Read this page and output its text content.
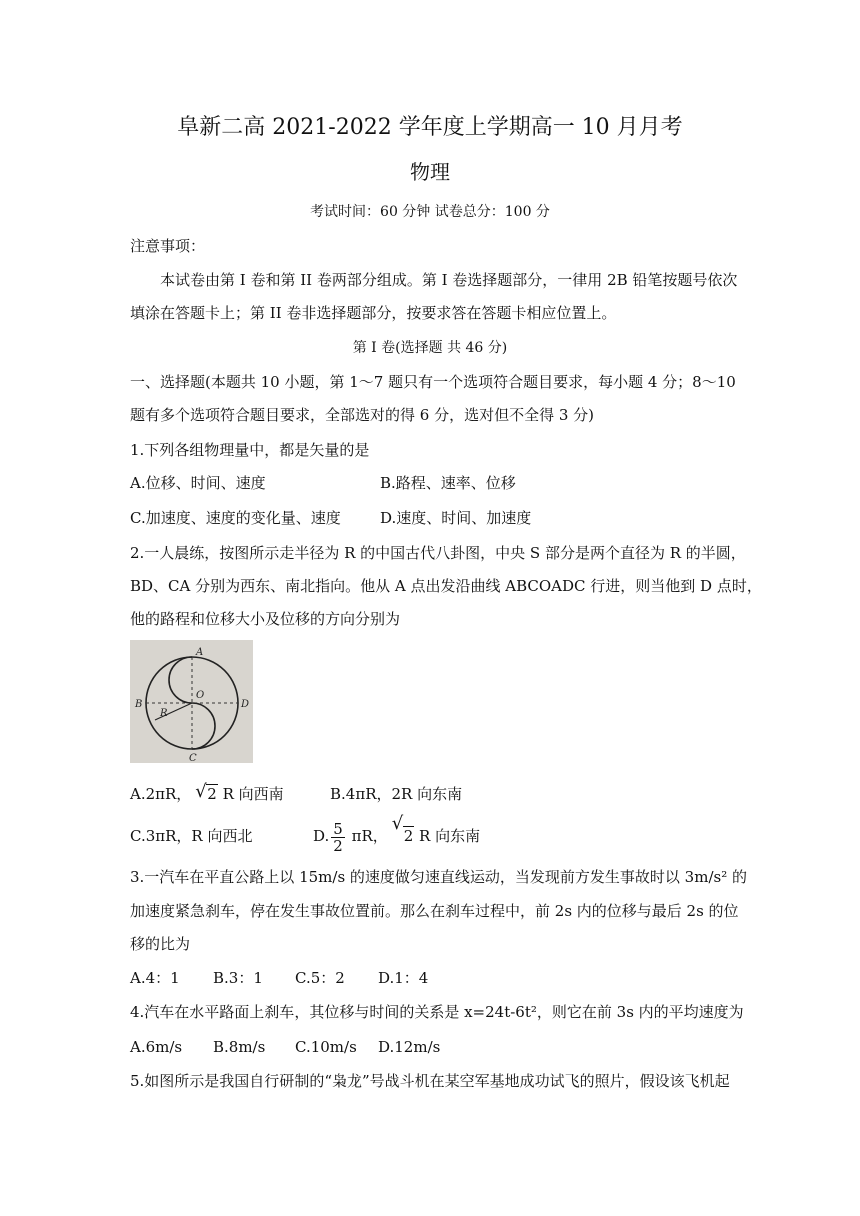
阜新二高 2021-2022 学年度上学期高一 10 月月考
物理
考试时间：60 分钟 试卷总分：100 分
注意事项：
本试卷由第 I 卷和第 II 卷两部分组成。第 I 卷选择题部分，一律用 2B 铅笔按题号依次
填涂在答题卡上；第 II 卷非选择题部分，按要求答在答题卡相应位置上。
第 I 卷(选择题 共 46 分)
一、选择题(本题共 10 小题，第 1～7 题只有一个选项符合题目要求，每小题 4 分；8～10
题有多个选项符合题目要求，全部选对的得 6 分，选对但不全得 3 分)
1.下列各组物理量中，都是矢量的是
A.位移、时间、速度	B.路程、速率、位移
C.加速度、速度的变化量、速度	D.速度、时间、加速度
2.一人晨练，按图所示走半径为 R 的中国古代八卦图，中央 S 部分是两个直径为 R 的半圆，
BD、CA 分别为西东、南北指向。他从 A 点出发沿曲线 ABCOADC 行进，则当他到 D 点时，
他的路程和位移大小及位移的方向分别为
A
B
C
D
O
R
A.2πR， √ 2 R 向西南	B.4πR，2R 向东南
C.3πR，R 向西北	D. $\frac{5}{2}$ πR，
√
2 R 向东南
3.一汽车在平直公路上以 15m/s 的速度做匀速直线运动，当发现前方发生事故时以 3m/s² 的
加速度紧急刹车，停在发生事故位置前。那么在刹车过程中，前 2s 内的位移与最后 2s 的位
移的比为
A.4：1 B.3：1 C.5：2 D.1：4
4.汽车在水平路面上刹车，其位移与时间的关系是 x=24t-6t²，则它在前 3s 内的平均速度为
A.6m/s B.8m/s C.10m/s D.12m/s
5.如图所示是我国自行研制的“枭龙”号战斗机在某空军基地成功试飞的照片，假设该飞机起
